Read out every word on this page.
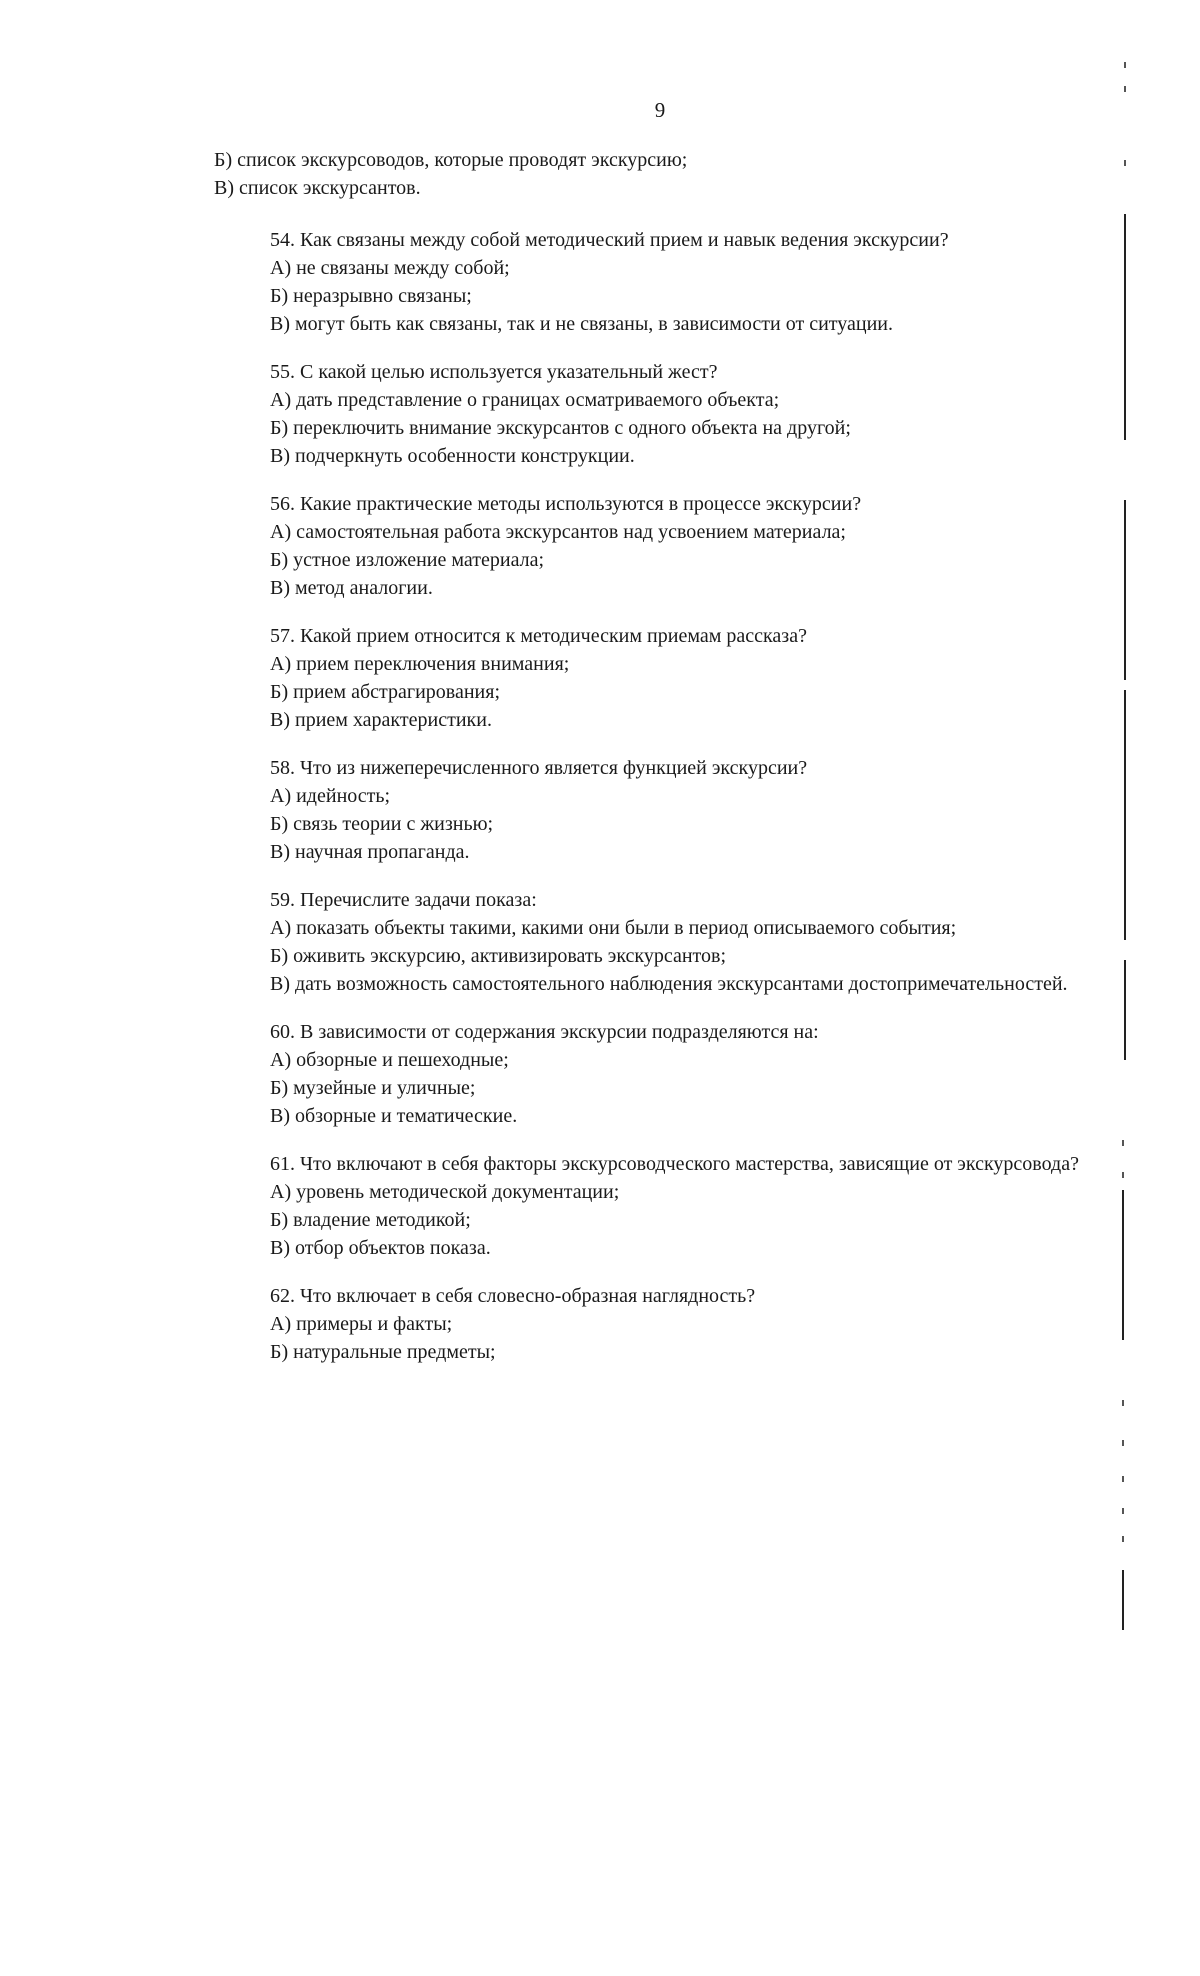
9
Б) список экскурсоводов, которые проводят экскурсию;
В) список экскурсантов.
54. Как связаны между собой методический прием и навык ведения экскурсии?
А) не связаны между собой;
Б) неразрывно связаны;
В) могут быть как связаны, так и не связаны, в зависимости от ситуации.
55. С какой целью используется указательный жест?
А) дать представление о границах осматриваемого объекта;
Б) переключить внимание экскурсантов с одного объекта на другой;
В) подчеркнуть особенности конструкции.
56. Какие практические методы используются в процессе экскурсии?
А) самостоятельная работа экскурсантов над усвоением материала;
Б) устное изложение материала;
В) метод аналогии.
57. Какой прием относится к методическим приемам рассказа?
А) прием переключения внимания;
Б) прием абстрагирования;
В) прием характеристики.
58. Что из нижеперечисленного является функцией экскурсии?
А) идейность;
Б) связь теории с жизнью;
В) научная пропаганда.
59. Перечислите задачи показа:
А) показать объекты такими, какими они были в период описываемого события;
Б) оживить экскурсию, активизировать экскурсантов;
В) дать возможность самостоятельного наблюдения экскурсантами достопримечательностей.
60. В зависимости от содержания экскурсии подразделяются на:
А) обзорные и пешеходные;
Б) музейные и уличные;
В) обзорные и тематические.
61. Что включают в себя факторы экскурсоводческого мастерства, зависящие от экскурсовода?
А) уровень методической документации;
Б) владение методикой;
В) отбор объектов показа.
62. Что включает в себя словесно-образная наглядность?
А) примеры и факты;
Б) натуральные предметы;
